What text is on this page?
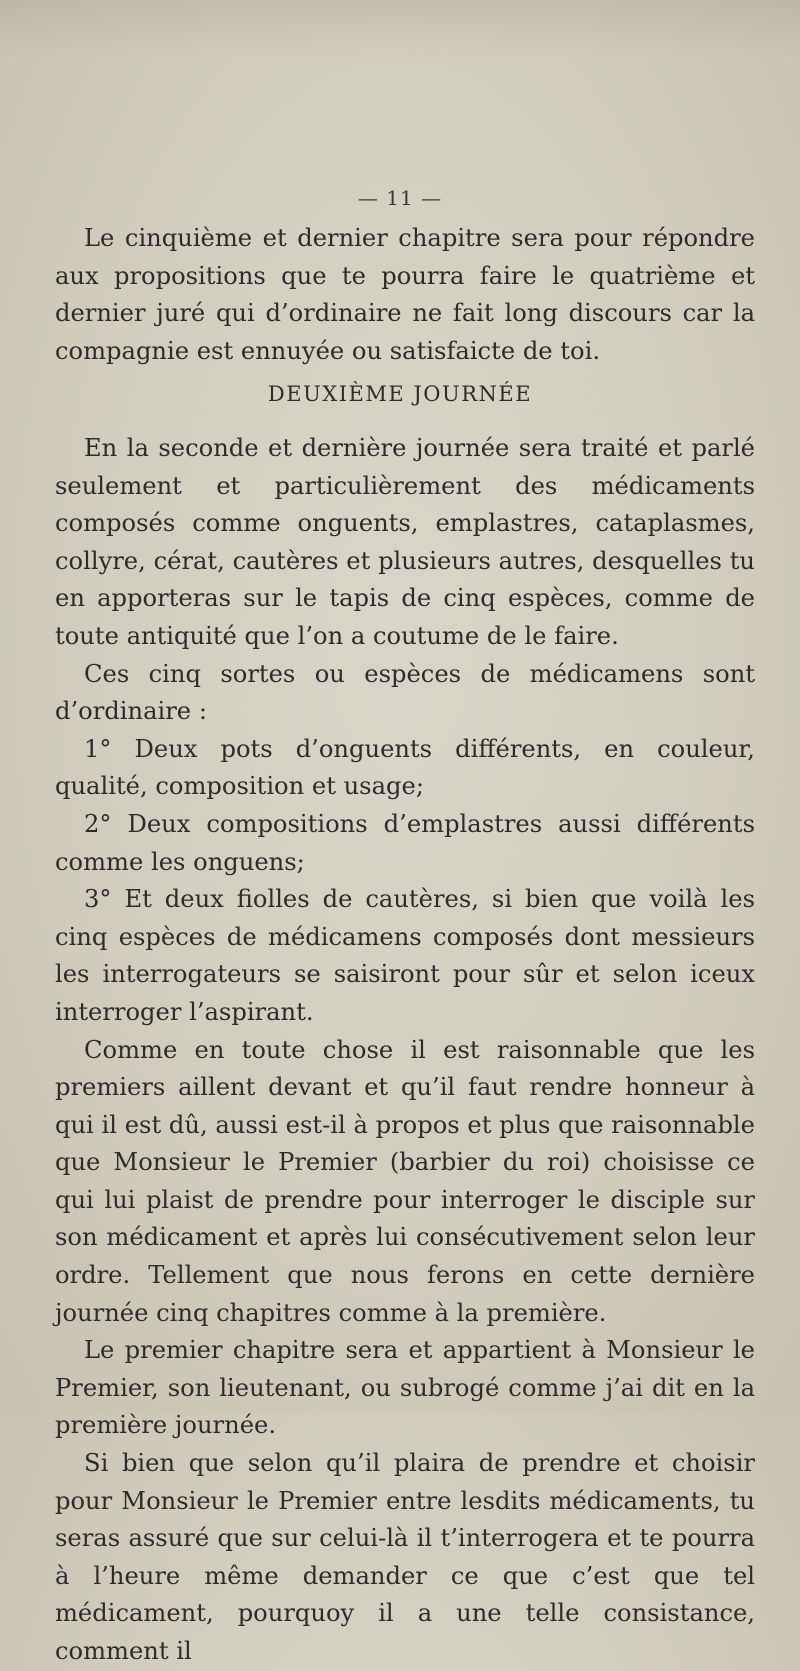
— 11 —

Le cinquième et dernier chapitre sera pour répondre aux propositions que te pourra faire le quatrième et dernier juré qui d’ordinaire ne fait long discours car la compagnie est ennuyée ou satisfaicte de toi.

DEUXIÈME JOURNÉE

En la seconde et dernière journée sera traité et parlé seulement et particulièrement des médicaments composés comme onguents, emplastres, cataplasmes, collyre, cérat, cautères et plusieurs autres, desquelles tu en apporteras sur le tapis de cinq espèces, comme de toute antiquité que l’on a coutume de le faire.

Ces cinq sortes ou espèces de médicamens sont d’ordinaire :

1° Deux pots d’onguents différents, en couleur, qualité, composition et usage;

2° Deux compositions d’emplastres aussi différents comme les onguens;

3° Et deux fiolles de cautères, si bien que voilà les cinq espèces de médicamens composés dont messieurs les interrogateurs se saisiront pour sûr et selon iceux interroger l’aspirant.

Comme en toute chose il est raisonnable que les premiers aillent devant et qu’il faut rendre honneur à qui il est dû, aussi est-il à propos et plus que raisonnable que Monsieur le Premier (barbier du roi) choisisse ce qui lui plaist de prendre pour interroger le disciple sur son médicament et après lui consécutivement selon leur ordre. Tellement que nous ferons en cette dernière journée cinq chapitres comme à la première.

Le premier chapitre sera et appartient à Monsieur le Premier, son lieutenant, ou subrogé comme j’ai dit en la première journée.

Si bien que selon qu’il plaira de prendre et choisir pour Monsieur le Premier entre lesdits médicaments, tu seras assuré que sur celui-là il t’interrogera et te pourra à l’heure même demander ce que c’est que tel médicament, pourquoy il a une telle consistance, comment il
